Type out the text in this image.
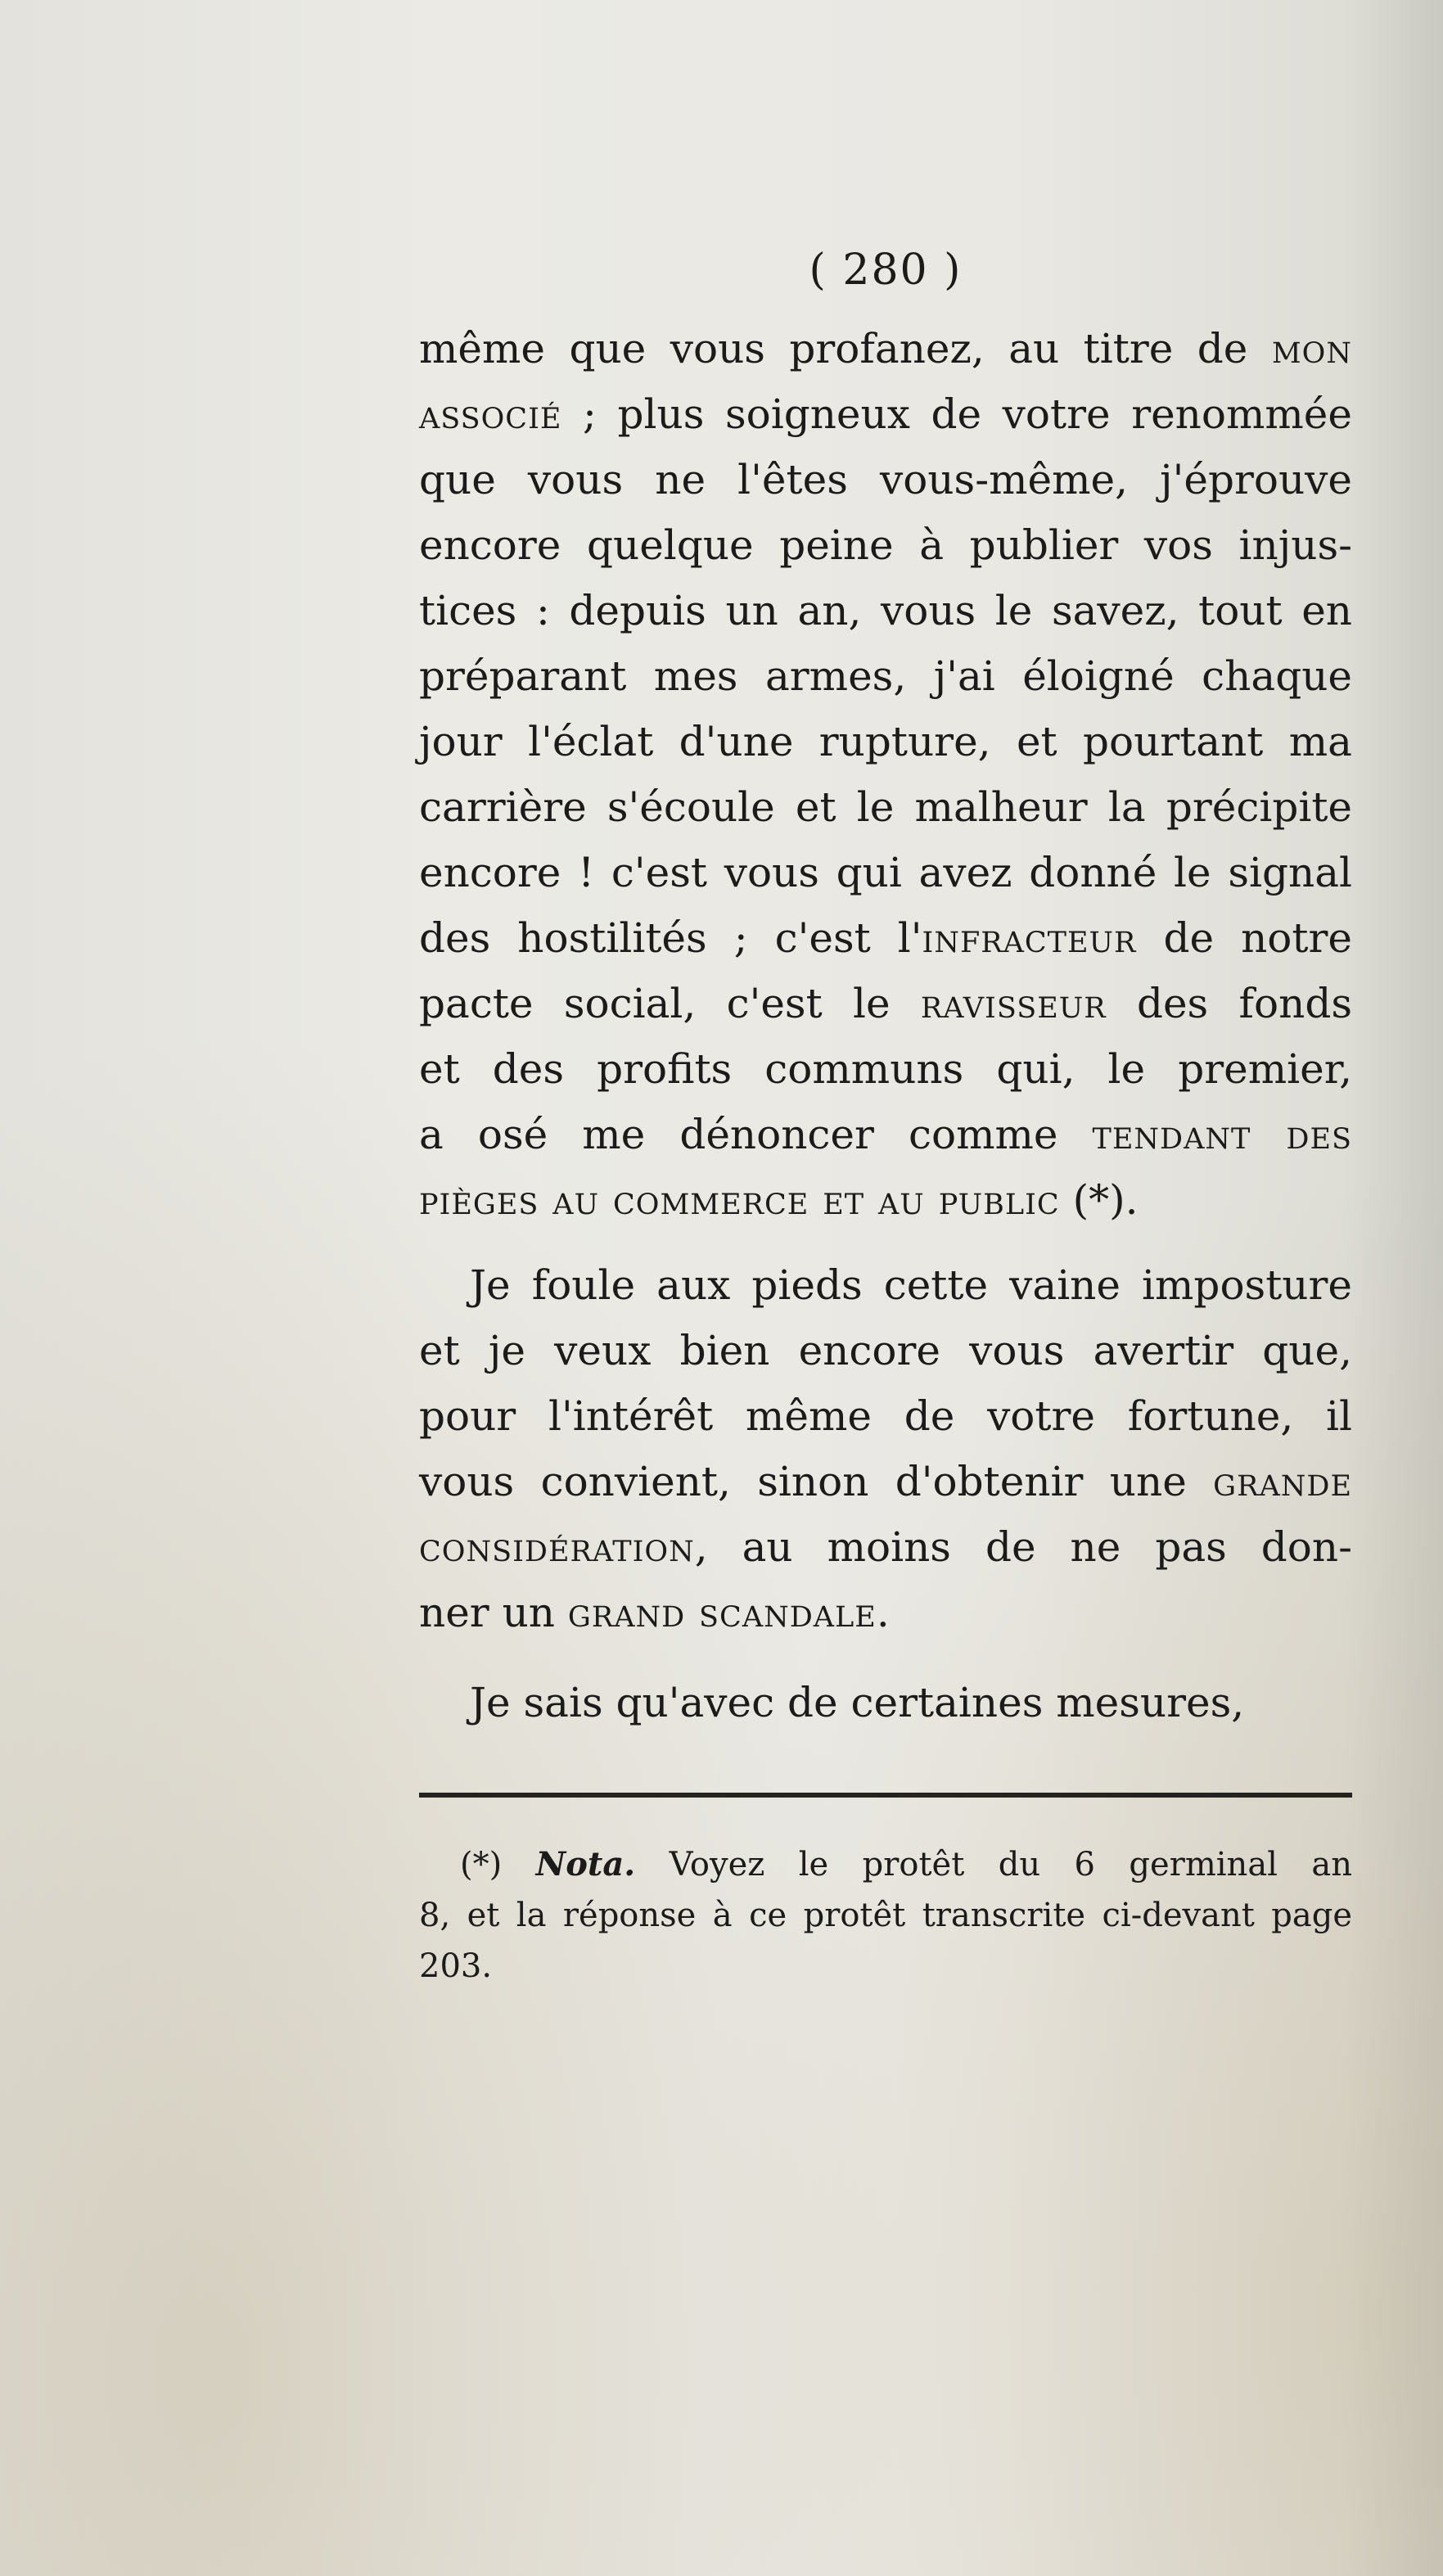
( 280 )
même que vous profanez, au titre de mon
associé ; plus soigneux de votre renommée
que vous ne l'êtes vous-même, j'éprouve
encore quelque peine à publier vos injus-
tices : depuis un an, vous le savez, tout en
préparant mes armes, j'ai éloigné chaque
jour l'éclat d'une rupture, et pourtant ma
carrière s'écoule et le malheur la précipite
encore ! c'est vous qui avez donné le signal
des hostilités ; c'est l'infracteur de notre
pacte social, c'est le ravisseur des fonds
et des profits communs qui, le premier,
a osé me dénoncer comme tendant des
pièges au commerce et au public (*).
Je foule aux pieds cette vaine imposture
et je veux bien encore vous avertir que,
pour l'intérêt même de votre fortune, il
vous convient, sinon d'obtenir une grande
considération, au moins de ne pas don-
ner un grand scandale.
Je sais qu'avec de certaines mesures,
(*) Nota. Voyez le protêt du 6 germinal an
8, et la réponse à ce protêt transcrite ci-devant page
203.
